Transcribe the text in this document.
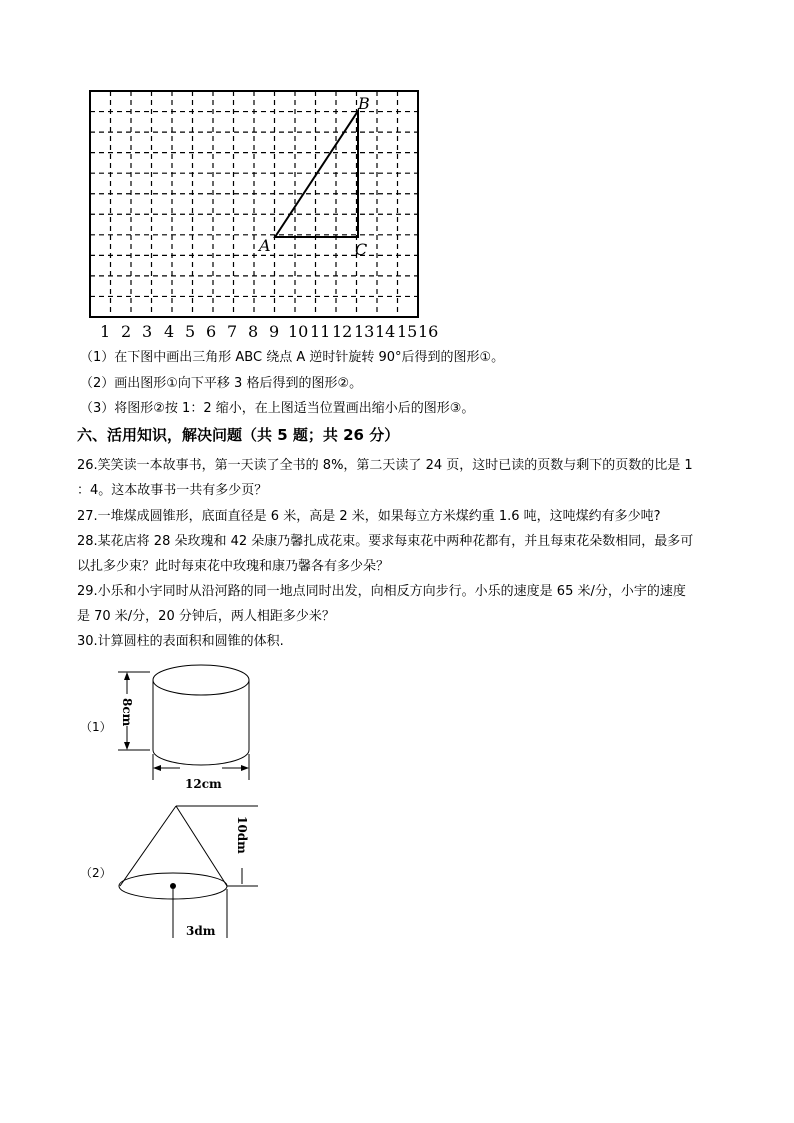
B
A	C
1 2 3 4 5 6 7 8 9 10 11 12 13 14 15 16
（1）在下图中画出三角形 ABC 绕点 A 逆时针旋转 90°后得到的图形①。
（2）画出图形①向下平移 3 格后得到的图形②。
（3）将图形②按 1：2 缩小，在上图适当位置画出缩小后的图形③。
六、活用知识，解决问题（共 5 题；共 26 分）
26.笑笑读一本故事书，第一天读了全书的 8%，第二天读了 24 页，这时已读的页数与剩下的页数的比是 1
：4。这本故事书一共有多少页？
27.一堆煤成圆锥形，底面直径是 6 米，高是 2 米，如果每立方米煤约重 1.6 吨，这吨煤约有多少吨?
28.某花店将 28 朵玫瑰和 42 朵康乃馨扎成花束。要求每束花中两种花都有，并且每束花朵数相同，最多可
以扎多少束？此时每束花中玫瑰和康乃馨各有多少朵？
29.小乐和小宇同时从沿河路的同一地点同时出发，向相反方向步行。小乐的速度是 65 米/分，小宇的速度
是 70 米/分，20 分钟后，两人相距多少米？
30.计算圆柱的表面积和圆锥的体积.
（1）
（2）
8cm
12cm
10dm
3dm
